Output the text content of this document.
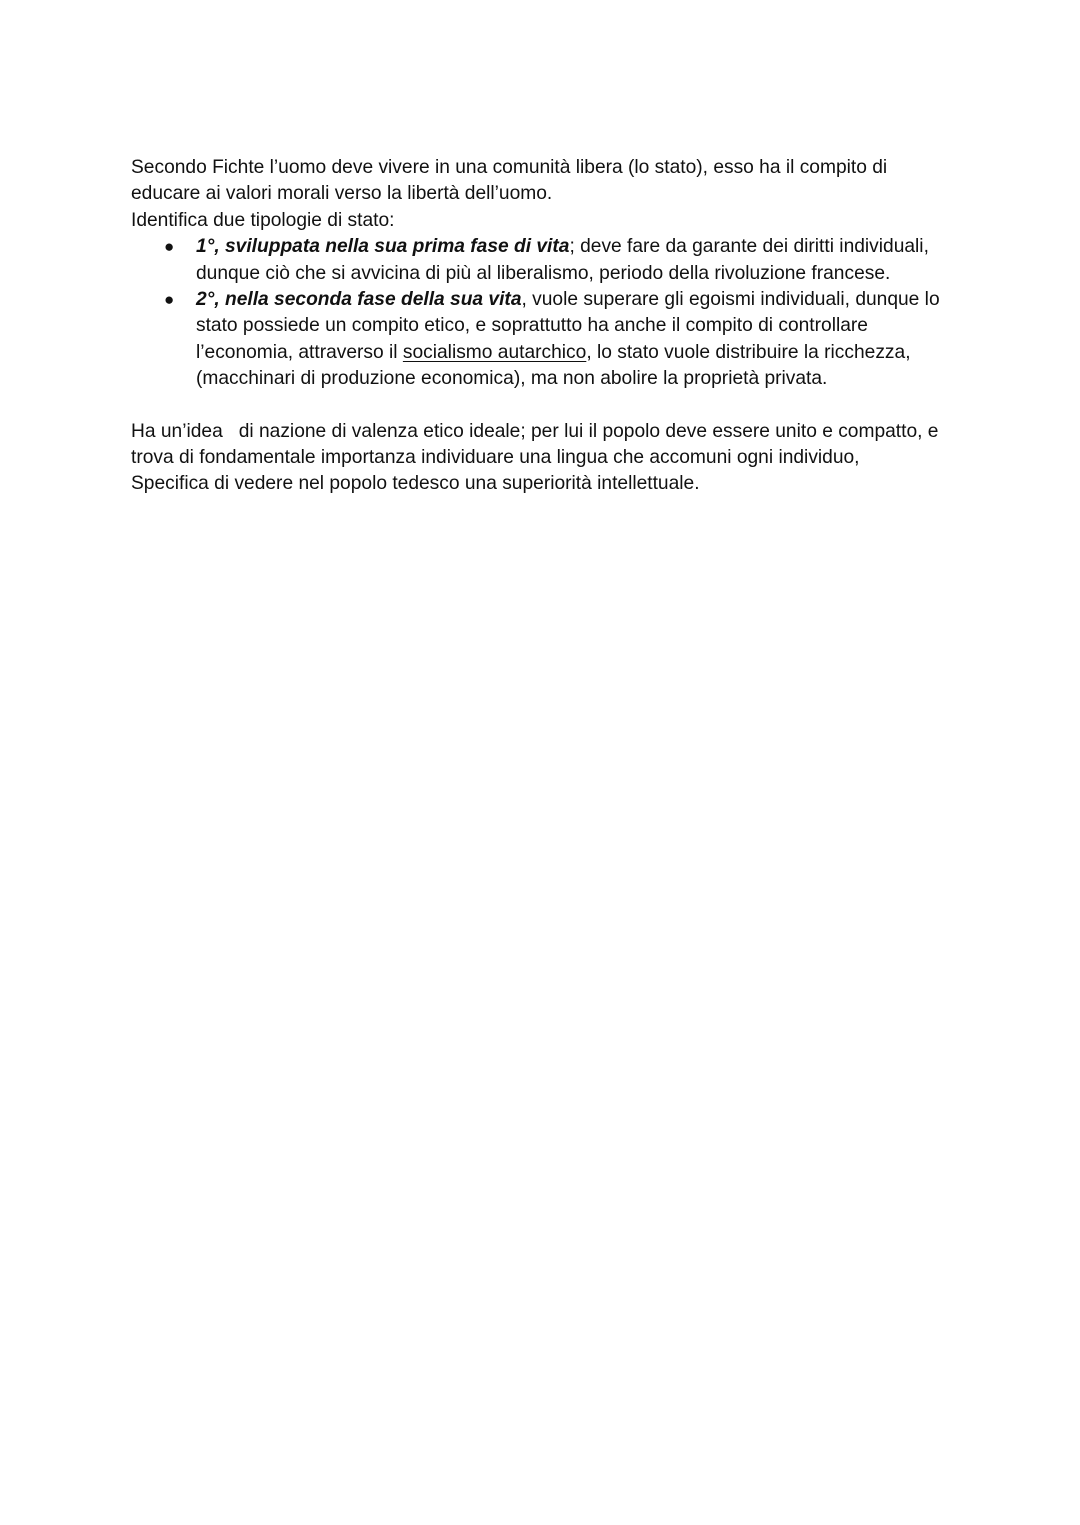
Secondo Fichte l’uomo deve vivere in una comunità libera (lo stato), esso ha il compito di educare ai valori morali verso la libertà dell’uomo.

Identifica due tipologie di stato:

● 1°, sviluppata nella sua prima fase di vita; deve fare da garante dei diritti individuali, dunque ciò che si avvicina di più al liberalismo, periodo della rivoluzione francese.
● 2°, nella seconda fase della sua vita, vuole superare gli egoismi individuali, dunque lo stato possiede un compito etico, e soprattutto ha anche il compito di controllare l’economia, attraverso il socialismo autarchico, lo stato vuole distribuire la ricchezza, (macchinari di produzione economica), ma non abolire la proprietà privata.

Ha un’idea   di nazione di valenza etico ideale; per lui il popolo deve essere unito e compatto, e trova di fondamentale importanza individuare una lingua che accomuni ogni individuo,

Specifica di vedere nel popolo tedesco una superiorità intellettuale.
